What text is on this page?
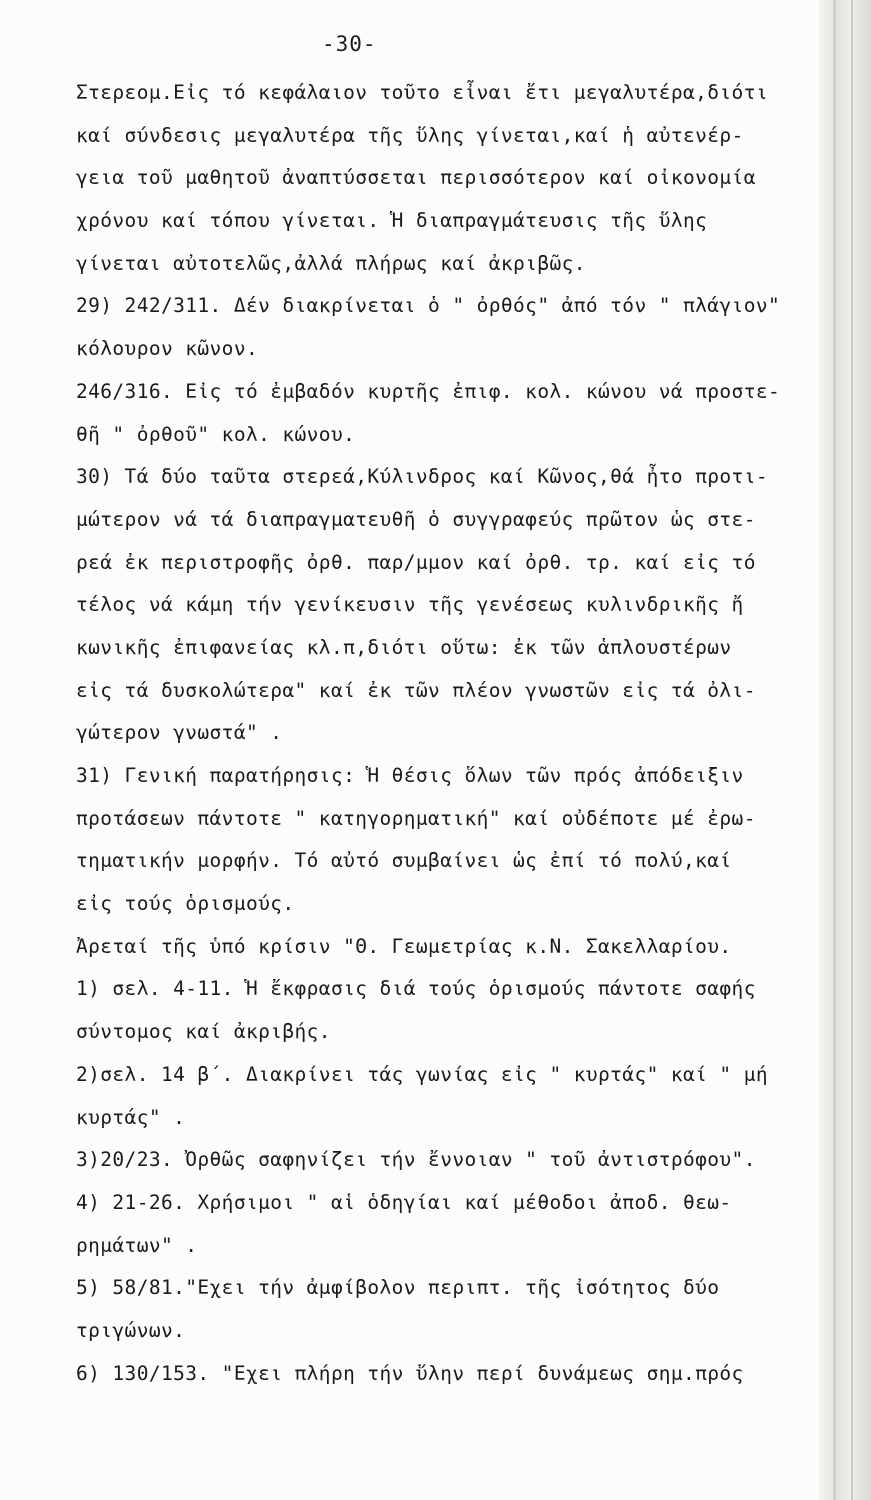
-30-
Στερεομ.Εἰς τό κεφάλαιον τοῦτο εἶναι ἔτι μεγαλυτέρα,διότι
καί σύνδεσις μεγαλυτέρα τῆς ὕλης γίνεται,καί ἡ αὐτενέρ-
γεια τοῦ μαθητοῦ ἀναπτύσσεται περισσότερον καί οἰκονομία
χρόνου καί τόπου γίνεται. Ἡ διαπραγμάτευσις τῆς ὕλης
γίνεται αὐτοτελῶς,ἀλλά πλήρως καί ἀκριβῶς.
29) 242/311. Δέν διακρίνεται ὁ " ὀρθός" ἀπό τόν " πλάγιον"
κόλουρον κῶνον.
246/316. Εἰς τό ἐμβαδόν κυρτῆς ἐπιφ. κολ. κώνου νά προστε-
θῆ " ὀρθοῦ" κολ. κώνου.
30) Τά δύο ταῦτα στερεά,Κύλινδρος καί Κῶνος,θά ἦτο προτι-
μώτερον νά τά διαπραγματευθῆ ὁ συγγραφεύς πρῶτον ὡς στε-
ρεά ἐκ περιστροφῆς ὀρθ. παρ/μμον καί ὀρθ. τρ. καί εἰς τό
τέλος νά κάμη τήν γενίκευσιν τῆς γενέσεως κυλινδρικῆς ἤ
κωνικῆς ἐπιφανείας κλ.π,διότι οὕτω: ἐκ τῶν ἁπλουστέρων
εἰς τά δυσκολώτερα" καί ἐκ τῶν πλέον γνωστῶν εἰς τά ὀλι-
γώτερον γνωστά" .
31) Γενική παρατήρησις: Ἡ θέσις ὅλων τῶν πρός ἀπόδειξιν
προτάσεων πάντοτε " κατηγορηματική" καί οὐδέποτε μέ ἐρω-
τηματικήν μορφήν. Τό αὐτό συμβαίνει ὡς ἐπί τό πολύ,καί
εἰς τούς ὁρισμούς.
Ἀρεταί τῆς ὑπό κρίσιν "Θ. Γεωμετρίας κ.Ν. Σακελλαρίου.
1) σελ. 4-11. Ἡ ἔκφρασις διά τούς ὁρισμούς πάντοτε σαφής
σύντομος καί ἀκριβής.
2)σελ. 14 β΄. Διακρίνει τάς γωνίας εἰς " κυρτάς" καί " μή
κυρτάς" .
3)20/23. Ὀρθῶς σαφηνίζει τήν ἔννοιαν " τοῦ ἀντιστρόφου".
4) 21-26. Χρήσιμοι " αἱ ὁδηγίαι καί μέθοδοι ἀποδ. θεω-
ρημάτων" .
5) 58/81."Εχει τήν ἀμφίβολον περιπτ. τῆς ἰσότητος δύο
τριγώνων.
6) 130/153. "Εχει πλήρη τήν ὕλην περί δυνάμεως σημ.πρός
